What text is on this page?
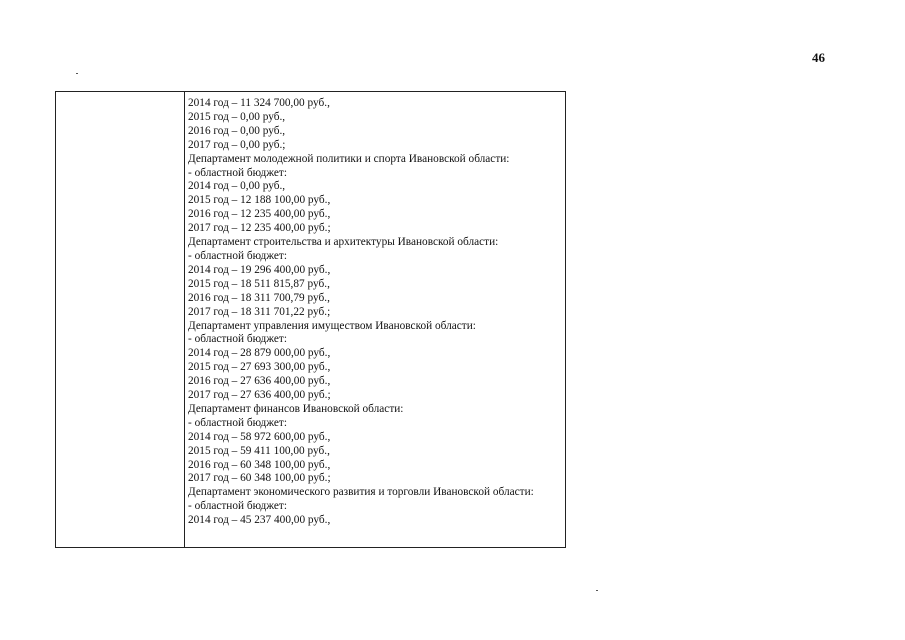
46
2014 год – 11 324 700,00 руб.,
2015 год – 0,00 руб.,
2016 год – 0,00 руб.,
2017 год – 0,00 руб.;
Департамент молодежной политики и спорта Ивановской области:
- областной бюджет:
2014 год – 0,00 руб.,
2015 год – 12 188 100,00 руб.,
2016 год – 12 235 400,00 руб.,
2017 год – 12 235 400,00 руб.;
Департамент строительства и архитектуры Ивановской области:
- областной бюджет:
2014 год – 19 296 400,00 руб.,
2015 год – 18 511 815,87 руб.,
2016 год – 18 311 700,79 руб.,
2017 год – 18 311 701,22 руб.;
Департамент управления имуществом Ивановской области:
- областной бюджет:
2014 год – 28 879 000,00 руб.,
2015 год – 27 693 300,00 руб.,
2016 год – 27 636 400,00 руб.,
2017 год – 27 636 400,00 руб.;
Департамент финансов Ивановской области:
- областной бюджет:
2014 год – 58 972 600,00 руб.,
2015 год – 59 411 100,00 руб.,
2016 год – 60 348 100,00 руб.,
2017 год – 60 348 100,00 руб.;
Департамент экономического развития и торговли Ивановской области:
- областной бюджет:
2014 год – 45 237 400,00 руб.,
